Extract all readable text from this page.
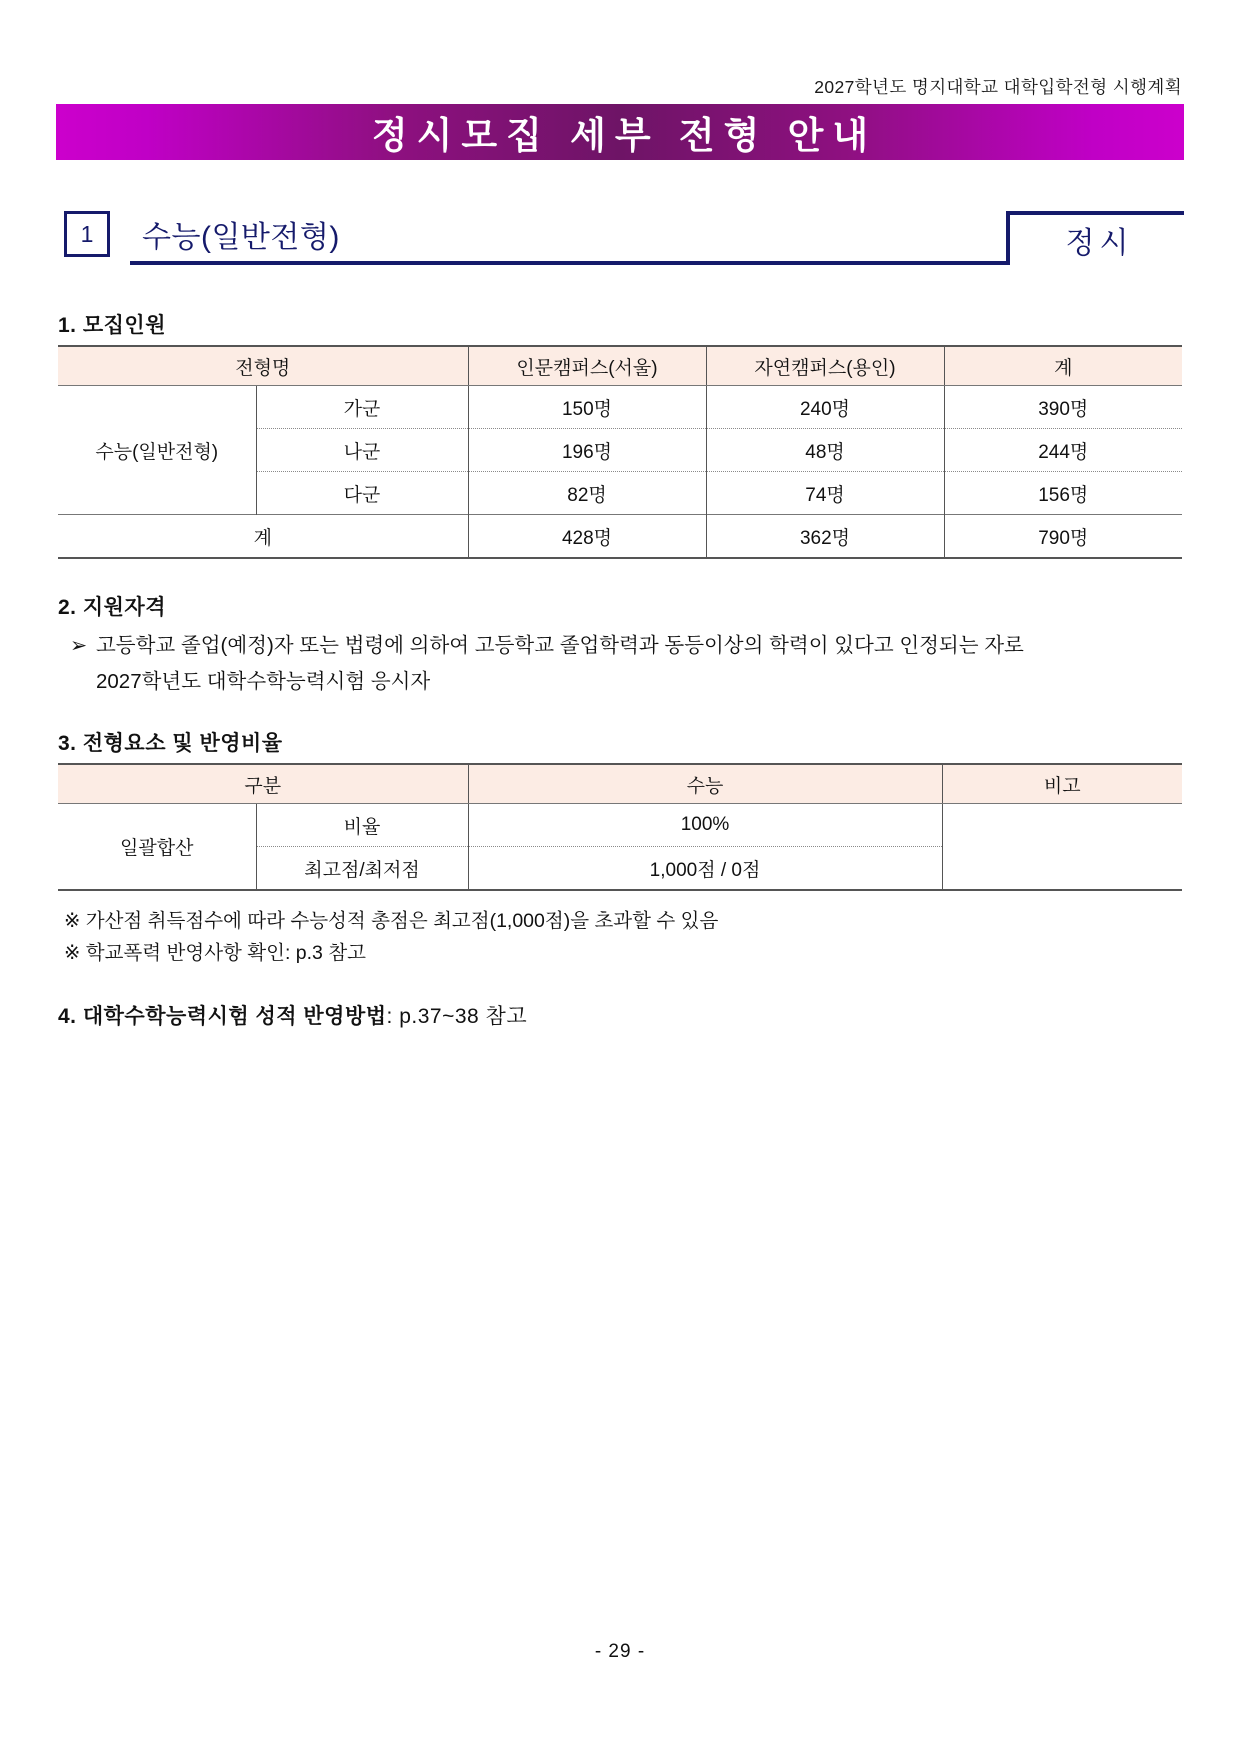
2027학년도 명지대학교 대학입학전형 시행계획
정시모집 세부 전형 안내
1	수능(일반전형)	정시
1. 모집인원
전형명		인문캠퍼스(서울)	자연캠퍼스(용인)	계
수능(일반전형)	가군	150명	240명	390명
	나군	196명	48명	244명
	다군	82명	74명	156명
계		428명	362명	790명
2. 지원자격
➢ 고등학교 졸업(예정)자 또는 법령에 의하여 고등학교 졸업학력과 동등이상의 학력이 있다고 인정되는 자로
2027학년도 대학수학능력시험 응시자
3. 전형요소 및 반영비율
구분		수능	비고
일괄합산	비율	100%	
	최고점/최저점	1,000점 / 0점	

※ 가산점 취득점수에 따라 수능성적 총점은 최고점(1,000점)을 초과할 수 있음
※ 학교폭력 반영사항 확인: p.3 참고
4. 대학수학능력시험 성적 반영방법: p.37~38 참고
- 29 -
